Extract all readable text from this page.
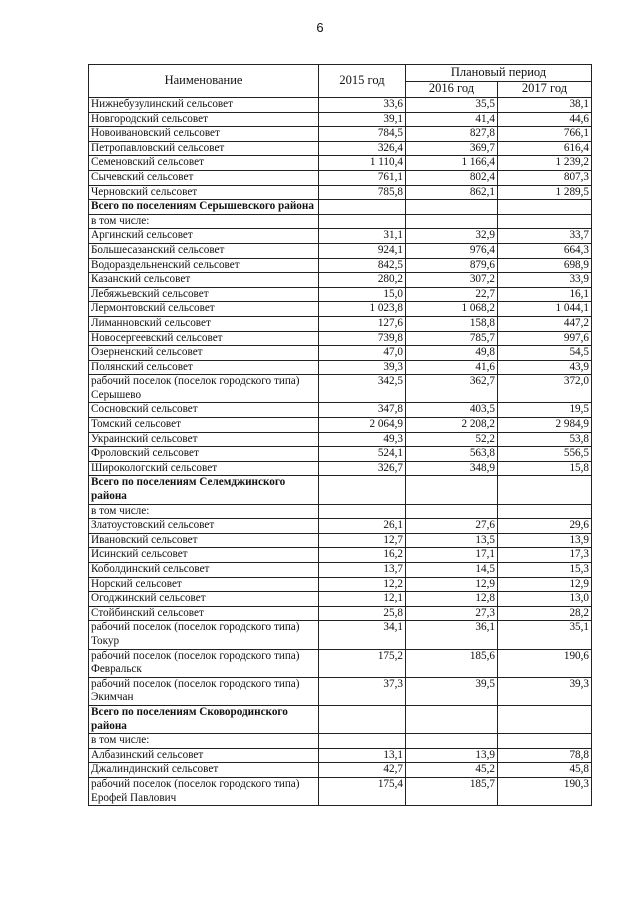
6
Наименование	2015 год	Плановый период	
		2016 год	2017 год
Нижнебузулинский сельсовет	33,6	35,5	38,1
Новгородский сельсовет	39,1	41,4	44,6
Новоивановский сельсовет	784,5	827,8	766,1
Петропавловский сельсовет	326,4	369,7	616,4
Семеновский сельсовет	1 110,4	1 166,4	1 239,2
Сычевский сельсовет	761,1	802,4	807,3
Черновский сельсовет	785,8	862,1	1 289,5
Всего по поселениям Серышевского района			
в том числе:			
Аргинский сельсовет	31,1	32,9	33,7
Большесазанский сельсовет	924,1	976,4	664,3
Водораздельненский сельсовет	842,5	879,6	698,9
Казанский сельсовет	280,2	307,2	33,9
Лебяжьевский сельсовет	15,0	22,7	16,1
Лермонтовский сельсовет	1 023,8	1 068,2	1 044,1
Лиманновский сельсовет	127,6	158,8	447,2
Новосергеевский сельсовет	739,8	785,7	997,6
Озерненский сельсовет	47,0	49,8	54,5
Полянский сельсовет	39,3	41,6	43,9
рабочий поселок (поселок городского типа) Серышево	342,5	362,7	372,0
Сосновский сельсовет	347,8	403,5	19,5
Томский сельсовет	2 064,9	2 208,2	2 984,9
Украинский сельсовет	49,3	52,2	53,8
Фроловский сельсовет	524,1	563,8	556,5
Широкологский сельсовет	326,7	348,9	15,8
Всего по поселениям Селемджинского района			
в том числе:			
Златоустовский сельсовет	26,1	27,6	29,6
Ивановский сельсовет	12,7	13,5	13,9
Исинский сельсовет	16,2	17,1	17,3
Коболдинский сельсовет	13,7	14,5	15,3
Норский сельсовет	12,2	12,9	12,9
Огоджинский сельсовет	12,1	12,8	13,0
Стойбинский сельсовет	25,8	27,3	28,2
рабочий поселок (поселок городского типа) Токур	34,1	36,1	35,1
рабочий поселок (поселок городского типа) Февральск	175,2	185,6	190,6
рабочий поселок (поселок городского типа) Экимчан	37,3	39,5	39,3
Всего по поселениям Сковородинского района			
в том числе:			
Албазинский сельсовет	13,1	13,9	78,8
Джалиндинский сельсовет	42,7	45,2	45,8
рабочий поселок (поселок городского типа) Ерофей Павлович	175,4	185,7	190,3
